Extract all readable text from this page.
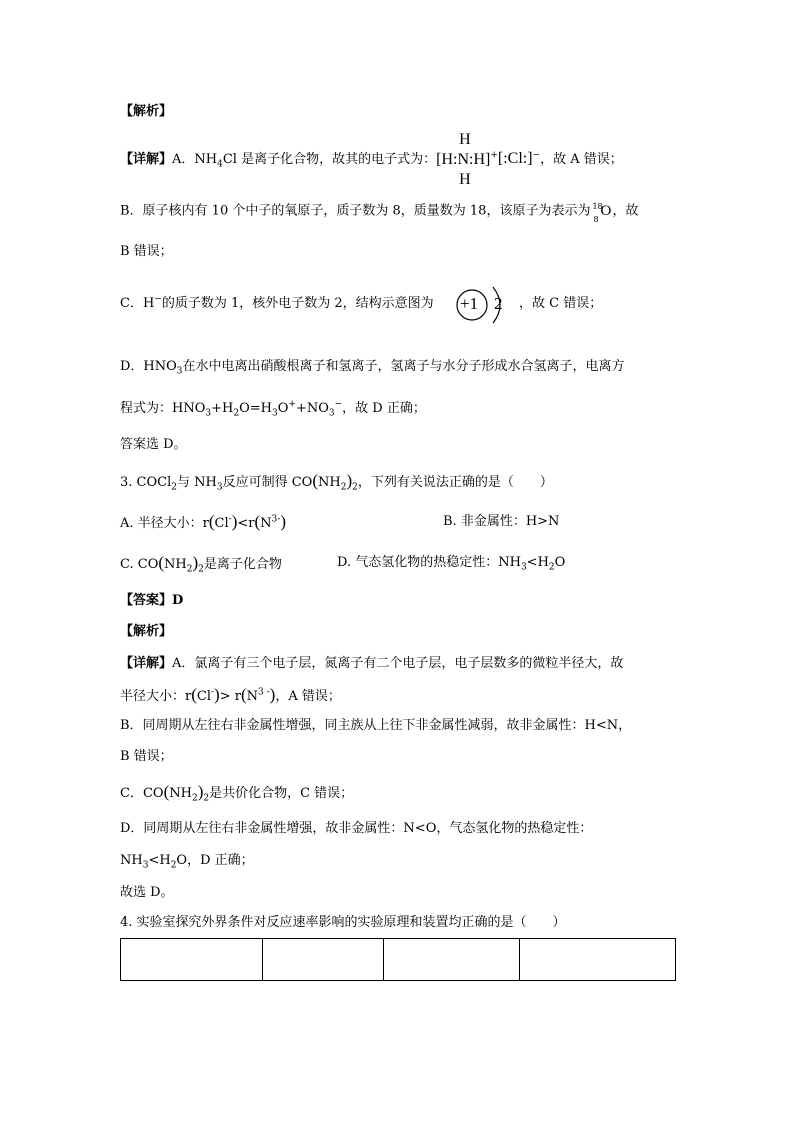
【解析】
【详解】A．$NH_4Cl$ 是离子化合物，故其的电子式为：
H
[H:N:H]
H
+[:Cl:]−，故 A 错误；
B．原子核内有 10 个中子的氧原子，质子数为 8，质量数为 18，该原子为表示为 18
8
O ，故
B 错误；
C．H−的质子数为 1，核外电子数为 2，结构示意图为 +1 2 ，故 C 错误；
D．$HNO_3$在水中电离出硝酸根离子和氢离子，氢离子与水分子形成水合氢离子，电离方
程式为：$HNO_3+H_2O=H_3O^++NO_3^-$，故 D 正确；
答案选 D。
3. COCl$_2$与 $NH_3$反应可制得 $CO(NH_2)_2$，下列有关说法正确的是（　　）
A. 半径大小：$r(Cl^-)<r(N^{3-})$	B. 非金属性：H>N
C. $CO(NH_2)_2$是离子化合物	D. 气态氢化物的热稳定性：$NH_3<H_2O$
【答案】D
【解析】
【详解】A．氯离子有三个电子层，氮离子有二个电子层，电子层数多的微粒半径大，故
半径大小：$r(Cl^-)> r(N^{3 -})$，A 错误；
B．同周期从左往右非金属性增强，同主族从上往下非金属性减弱，故非金属性：H<N，
B 错误；
C．$CO(NH_2)_2$是共价化合物，C 错误；
D．同周期从左往右非金属性增强，故非金属性：N<O，气态氢化物的热稳定性：
$NH_3<H_2O$，D 正确；
故选 D。
4. 实验室探究外界条件对反应速率影响的实验原理和装置均正确的是（　　）
